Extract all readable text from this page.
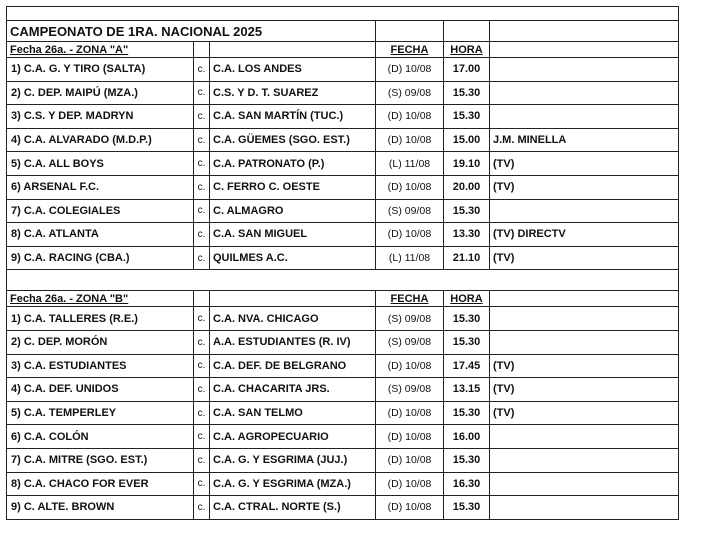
CAMPEONATO DE 1RA. NACIONAL 2025					
Fecha 26a. - ZONA "A"			FECHA	HORA	
1) C.A. G. Y TIRO (SALTA)	c.	C.A. LOS ANDES	(D) 10/08	17.00	
2) C. DEP. MAIPÚ (MZA.)	c.	C.S. Y D. T. SUAREZ	(S) 09/08	15.30	
3) C.S. Y DEP. MADRYN	c.	C.A. SAN MARTÍN (TUC.)	(D) 10/08	15.30	
4) C.A. ALVARADO (M.D.P.)	c.	C.A. GÜEMES (SGO. EST.)	(D) 10/08	15.00	J.M. MINELLA
5) C.A. ALL BOYS	c.	C.A. PATRONATO (P.)	(L) 11/08	19.10	(TV)
6) ARSENAL F.C.	c.	C. FERRO C. OESTE	(D) 10/08	20.00	(TV)
7) C.A. COLEGIALES	c.	C. ALMAGRO	(S) 09/08	15.30	
8) C.A. ATLANTA	c.	C.A. SAN MIGUEL	(D) 10/08	13.30	(TV) DIRECTV
9) C.A. RACING (CBA.)	c.	QUILMES A.C.	(L) 11/08	21.10	(TV)

Fecha 26a. - ZONA "B"			FECHA	HORA	
1) C.A. TALLERES (R.E.)	c.	C.A. NVA. CHICAGO	(S) 09/08	15.30	
2) C. DEP. MORÓN	c.	A.A. ESTUDIANTES (R. IV)	(S) 09/08	15.30	
3) C.A. ESTUDIANTES	c.	C.A. DEF. DE BELGRANO	(D) 10/08	17.45	(TV)
4) C.A. DEF. UNIDOS	c.	C.A. CHACARITA JRS.	(S) 09/08	13.15	(TV)
5) C.A. TEMPERLEY	c.	C.A. SAN TELMO	(D) 10/08	15.30	(TV)
6) C.A. COLÓN	c.	C.A. AGROPECUARIO	(D) 10/08	16.00	
7) C.A. MITRE (SGO. EST.)	c.	C.A. G. Y ESGRIMA (JUJ.)	(D) 10/08	15.30	
8) C.A. CHACO FOR EVER	c.	C.A. G. Y ESGRIMA (MZA.)	(D) 10/08	16.30	
9) C. ALTE. BROWN	c.	C.A. CTRAL. NORTE (S.)	(D) 10/08	15.30	
